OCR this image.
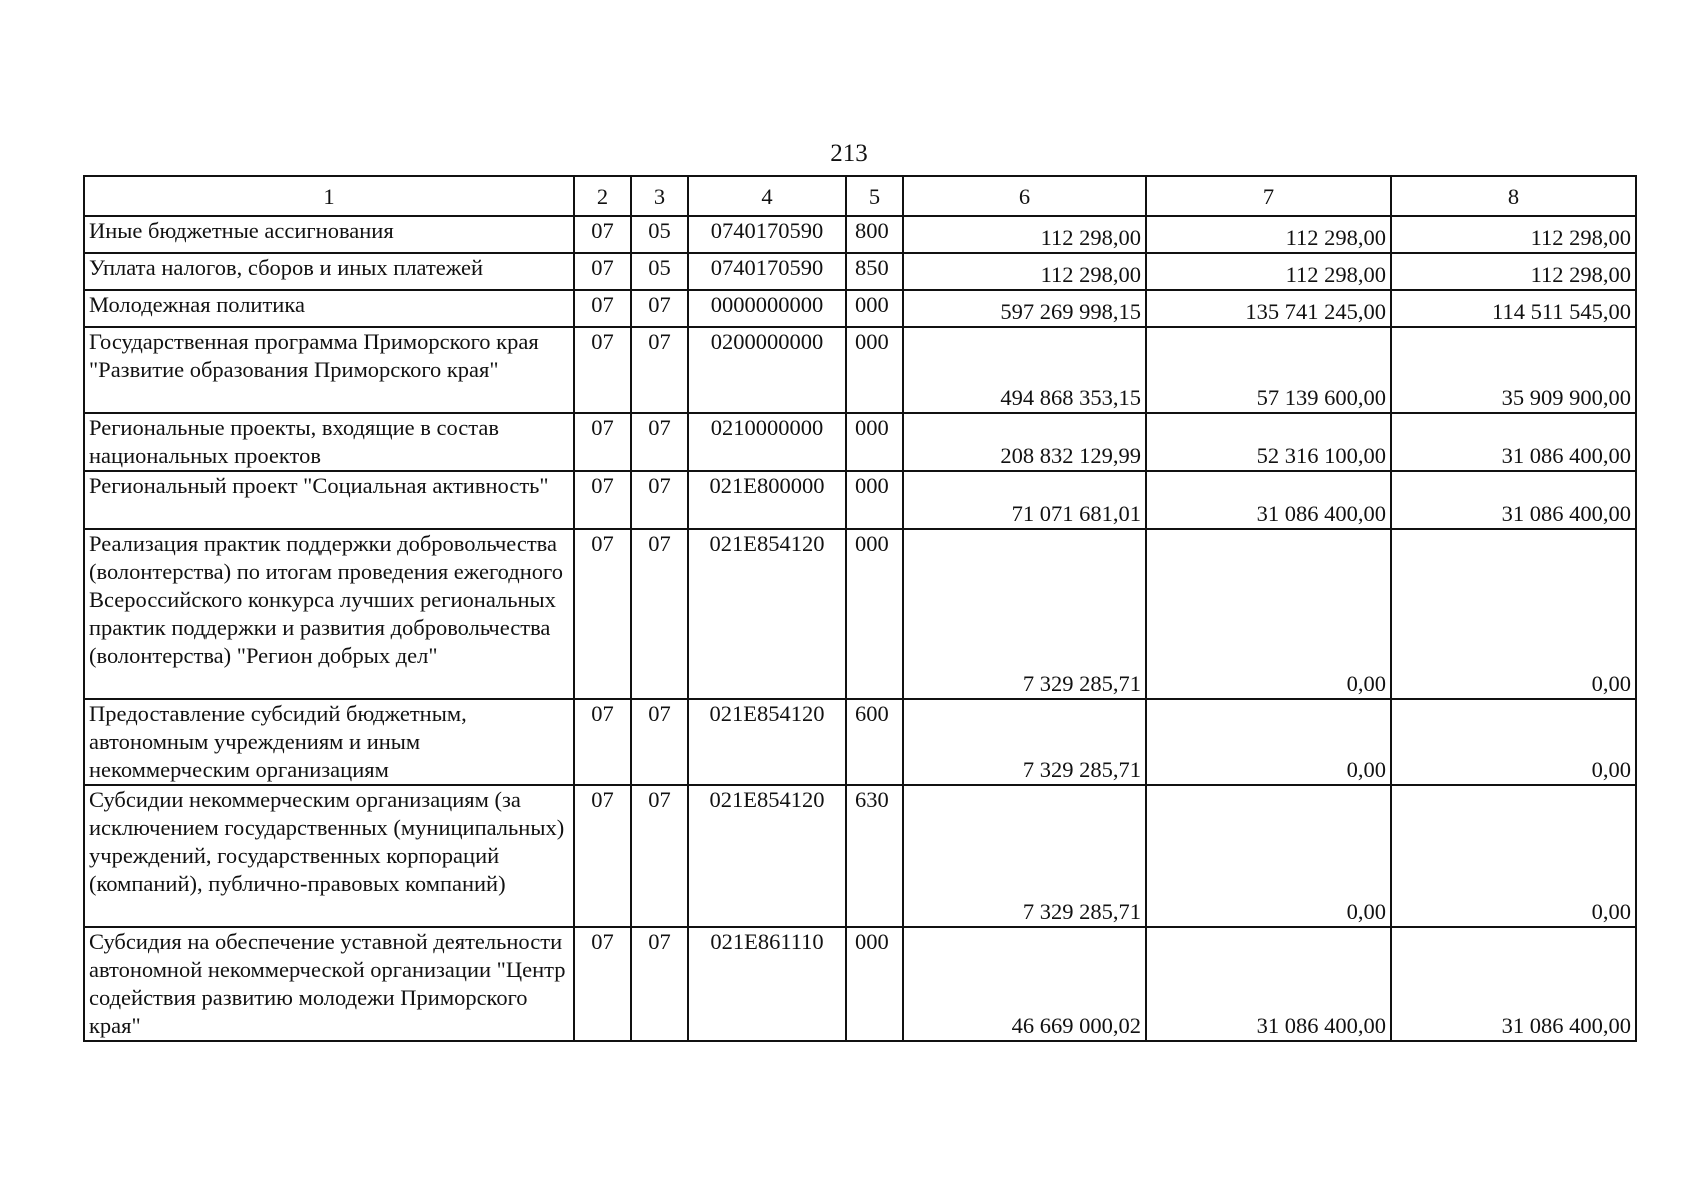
213
1	2	3	4	5	6	7	8
Иные бюджетные ассигнования	07	05	0740170590	800	112 298,00	112 298,00	112 298,00
Уплата налогов, сборов и иных платежей	07	05	0740170590	850	112 298,00	112 298,00	112 298,00
Молодежная политика	07	07	0000000000	000	597 269 998,15	135 741 245,00	114 511 545,00
Государственная программа Приморского края "Развитие образования Приморского края"	07	07	0200000000	000	494 868 353,15	57 139 600,00	35 909 900,00
Региональные проекты, входящие в состав национальных проектов	07	07	0210000000	000	208 832 129,99	52 316 100,00	31 086 400,00
Региональный проект "Социальная активность"	07	07	021E800000	000	71 071 681,01	31 086 400,00	31 086 400,00
Реализация практик поддержки добровольчества (волонтерства) по итогам проведения ежегодного Всероссийского конкурса лучших региональных практик поддержки и развития добровольчества (волонтерства) "Регион добрых дел"	07	07	021E854120	000	7 329 285,71	0,00	0,00
Предоставление субсидий бюджетным, автономным учреждениям и иным некоммерческим организациям	07	07	021E854120	600	7 329 285,71	0,00	0,00
Субсидии некоммерческим организациям (за исключением государственных (муниципальных) учреждений, государственных корпораций (компаний), публично-правовых компаний)	07	07	021E854120	630	7 329 285,71	0,00	0,00
Субсидия на обеспечение уставной деятельности автономной некоммерческой организации "Центр содействия развитию молодежи Приморского края"	07	07	021E861110	000	46 669 000,02	31 086 400,00	31 086 400,00
